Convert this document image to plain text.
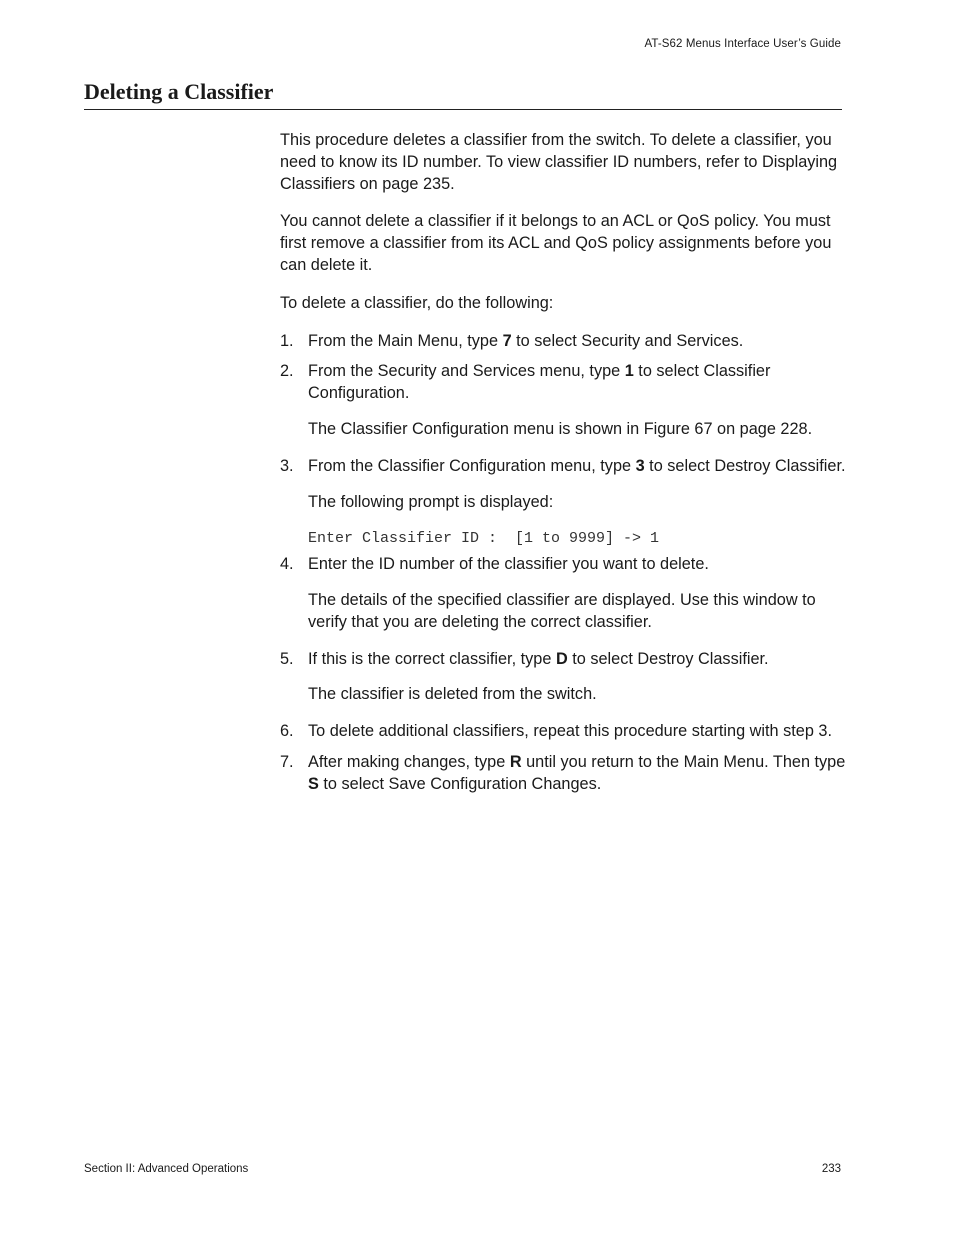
AT-S62 Menus Interface User’s Guide
Deleting a Classifier

This procedure deletes a classifier from the switch. To delete a classifier, you need to know its ID number. To view classifier ID numbers, refer to Displaying Classifiers on page 235.

You cannot delete a classifier if it belongs to an ACL or QoS policy. You must first remove a classifier from its ACL and QoS policy assignments before you can delete it.

To delete a classifier, do the following:

1. From the Main Menu, type 7 to select Security and Services.
2. From the Security and Services menu, type 1 to select Classifier Configuration.
The Classifier Configuration menu is shown in Figure 67 on page 228.
3. From the Classifier Configuration menu, type 3 to select Destroy Classifier.
The following prompt is displayed:
Enter Classifier ID :  [1 to 9999] -> 1
4. Enter the ID number of the classifier you want to delete.
The details of the specified classifier are displayed. Use this window to verify that you are deleting the correct classifier.
5. If this is the correct classifier, type D to select Destroy Classifier.
The classifier is deleted from the switch.
6. To delete additional classifiers, repeat this procedure starting with step 3.
7. After making changes, type R until you return to the Main Menu. Then type S to select Save Configuration Changes.
Section II: Advanced Operations	233
